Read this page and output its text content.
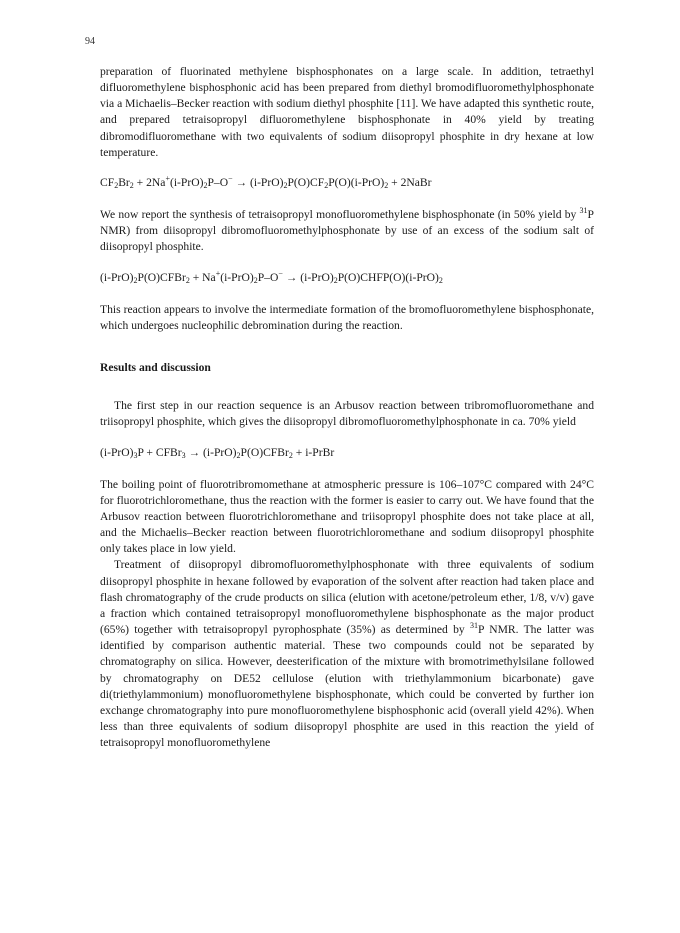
94

preparation of fluorinated methylene bisphosphonates on a large scale. In addition, tetraethyl difluoromethylene bisphosphonic acid has been prepared from diethyl bromodifluoromethylphosphonate via a Michaelis–Becker reaction with sodium diethyl phosphite [11]. We have adapted this synthetic route, and prepared tetraisopropyl difluoromethylene bisphosphonate in 40% yield by treating dibromodifluoromethane with two equivalents of sodium diisopropyl phosphite in dry hexane at low temperature.

$CF_2Br_2 + 2Na^+(i-PrO)_2P-O^- \to (i-PrO)_2P(O)CF_2P(O)(i-PrO)_2$ + 2NaBr

We now report the synthesis of tetraisopropyl monofluoromethylene bisphosphonate (in 50% yield by $^{31}$P NMR) from diisopropyl dibromofluoromethylphosphonate by use of an excess of the sodium salt of diisopropyl phosphite.

$(i-PrO)_2P(O)CFBr_2 + Na^+(i-PrO)_2P-O^-$ → $(i-PrO)_2P(O)CHFP(O)(i-PrO)_2$

This reaction appears to involve the intermediate formation of the bromofluoromethylene bisphosphonate, which undergoes nucleophilic debromination during the reaction.

Results and discussion

The first step in our reaction sequence is an Arbusov reaction between tribromofluoromethane and triisopropyl phosphite, which gives the diisopropyl dibromofluoromethylphosphonate in ca. 70% yield

$(i-PrO)_3P$ + CFBr$_3$ → $(i-PrO)_2P(O)CFBr_2$ + i-PrBr

The boiling point of fluorotribromomethane at atmospheric pressure is 106–107°C compared with 24°C for fluorotrichloromethane, thus the reaction with the former is easier to carry out. We have found that the Arbusov reaction between fluorotrichloromethane and triisopropyl phosphite does not take place at all, and the Michaelis–Becker reaction between fluorotrichloromethane and sodium diisopropyl phosphite only takes place in low yield.

Treatment of diisopropyl dibromofluoromethylphosphonate with three equivalents of sodium diisopropyl phosphite in hexane followed by evaporation of the solvent after reaction had taken place and flash chromatography of the crude products on silica (elution with acetone/petroleum ether, 1/8, v/v) gave a fraction which contained tetraisopropyl monofluoromethylene bisphosphonate as the major product (65%) together with tetraisopropyl pyrophosphate (35%) as determined by $^{31}$P NMR. The latter was identified by comparison authentic material. These two compounds could not be separated by chromatography on silica. However, deesterification of the mixture with bromotrimethylsilane followed by chromatography on DE52 cellulose (elution with triethylammonium bicarbonate) gave di(triethylammonium) monofluoromethylene bisphosphonate, which could be converted by further ion exchange chromatography into pure monofluoromethylene bisphosphonic acid (overall yield 42%). When less than three equivalents of sodium diisopropyl phosphite are used in this reaction the yield of tetraisopropyl monofluoromethylene
